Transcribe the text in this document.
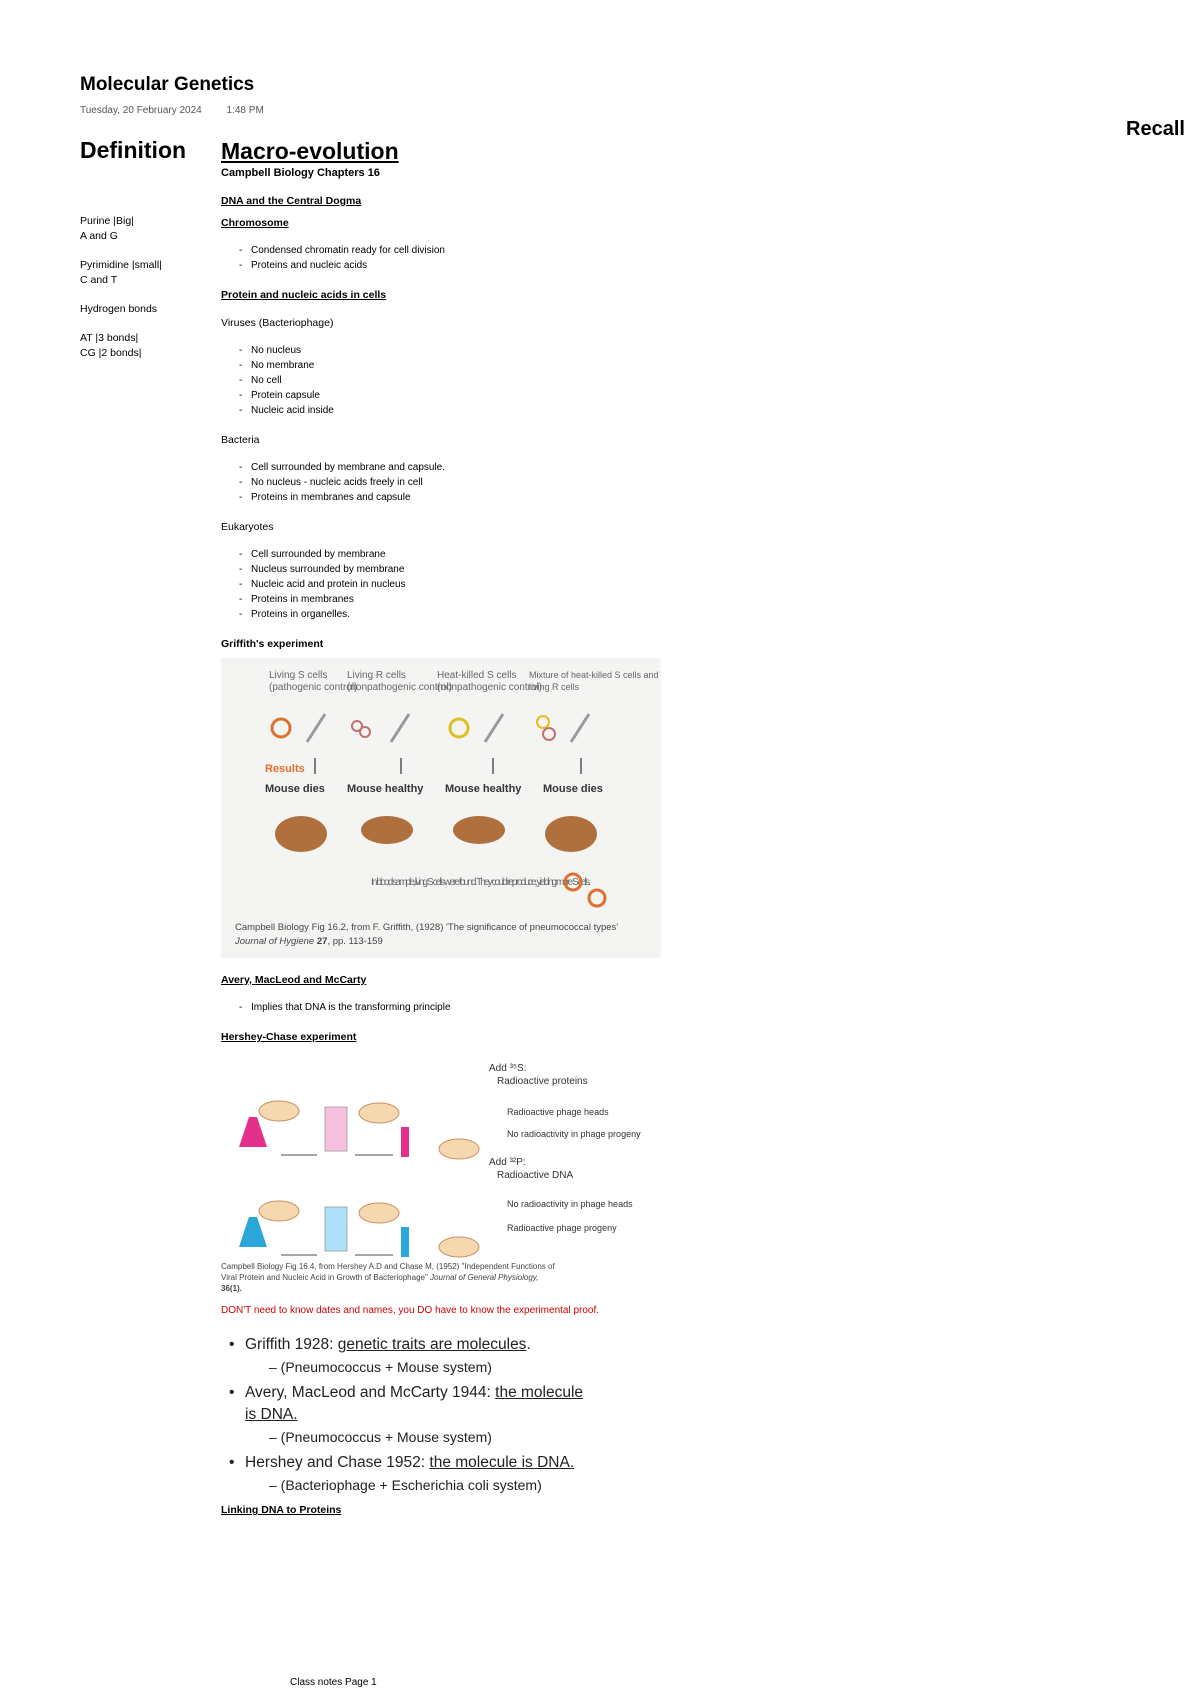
Molecular Genetics
Tuesday, 20 February 2024 1:48 PM
Definition
Recall
Purine |Big|
A and G
Pyrimidine |small|
C and T
Hydrogen bonds
AT |3 bonds|
CG |2 bonds|
Macro-evolution
Campbell Biology Chapters 16
DNA and the Central Dogma
Chromosome
- Condensed chromatin ready for cell division
- Proteins and nucleic acids
Protein and nucleic acids in cells
Viruses (Bacteriophage)
- No nucleus
- No membrane
- No cell
- Protein capsule
- Nucleic acid inside
Bacteria
- Cell surrounded by membrane and capsule.
- No nucleus - nucleic acids freely in cell
- Proteins in membranes and capsule
Eukaryotes
- Cell surrounded by membrane
- Nucleus surrounded by membrane
- Nucleic acid and protein in nucleus
- Proteins in membranes
- Proteins in organelles.
Griffith's experiment
Living S cells
(pathogenic control)
Living R cells
(nonpathogenic control)
Heat-killed S cells
(nonpathogenic control)
Mixture of heat-killed S cells and
living R cells
Results
Mouse dies Mouse healthy Mouse healthy Mouse dies
In blood sample, living S cells were found. They could reproduce, yielding more S cells.
Campbell Biology Fig 16.2, from F. Griffith, (1928) 'The significance of pneumococcal types'
Journal of Hygiene 27, pp. 113-159
Avery, MacLeod and McCarty
- Implies that DNA is the transforming principle
Hershey-Chase experiment
Add ³⁵S:
Radioactive proteins
Radioactive phage heads
No radioactivity in phage progeny
Add ³²P:
Radioactive DNA
No radioactivity in phage heads
Radioactive phage progeny
Campbell Biology Fig 16.4, from Hershey A.D and Chase M, (1952) "Independent Functions of
Viral Protein and Nucleic Acid in Growth of Bacteriophage" Journal of General Physiology,
36(1).
DON'T need to know dates and names, you DO have to know the experimental proof.
• Griffith 1928: genetic traits are molecules.
– (Pneumococcus + Mouse system)
• Avery, MacLeod and McCarty 1944: the molecule is DNA.
– (Pneumococcus + Mouse system)
• Hershey and Chase 1952: the molecule is DNA.
– (Bacteriophage + Escherichia coli system)
Linking DNA to Proteins
Class notes Page 1
